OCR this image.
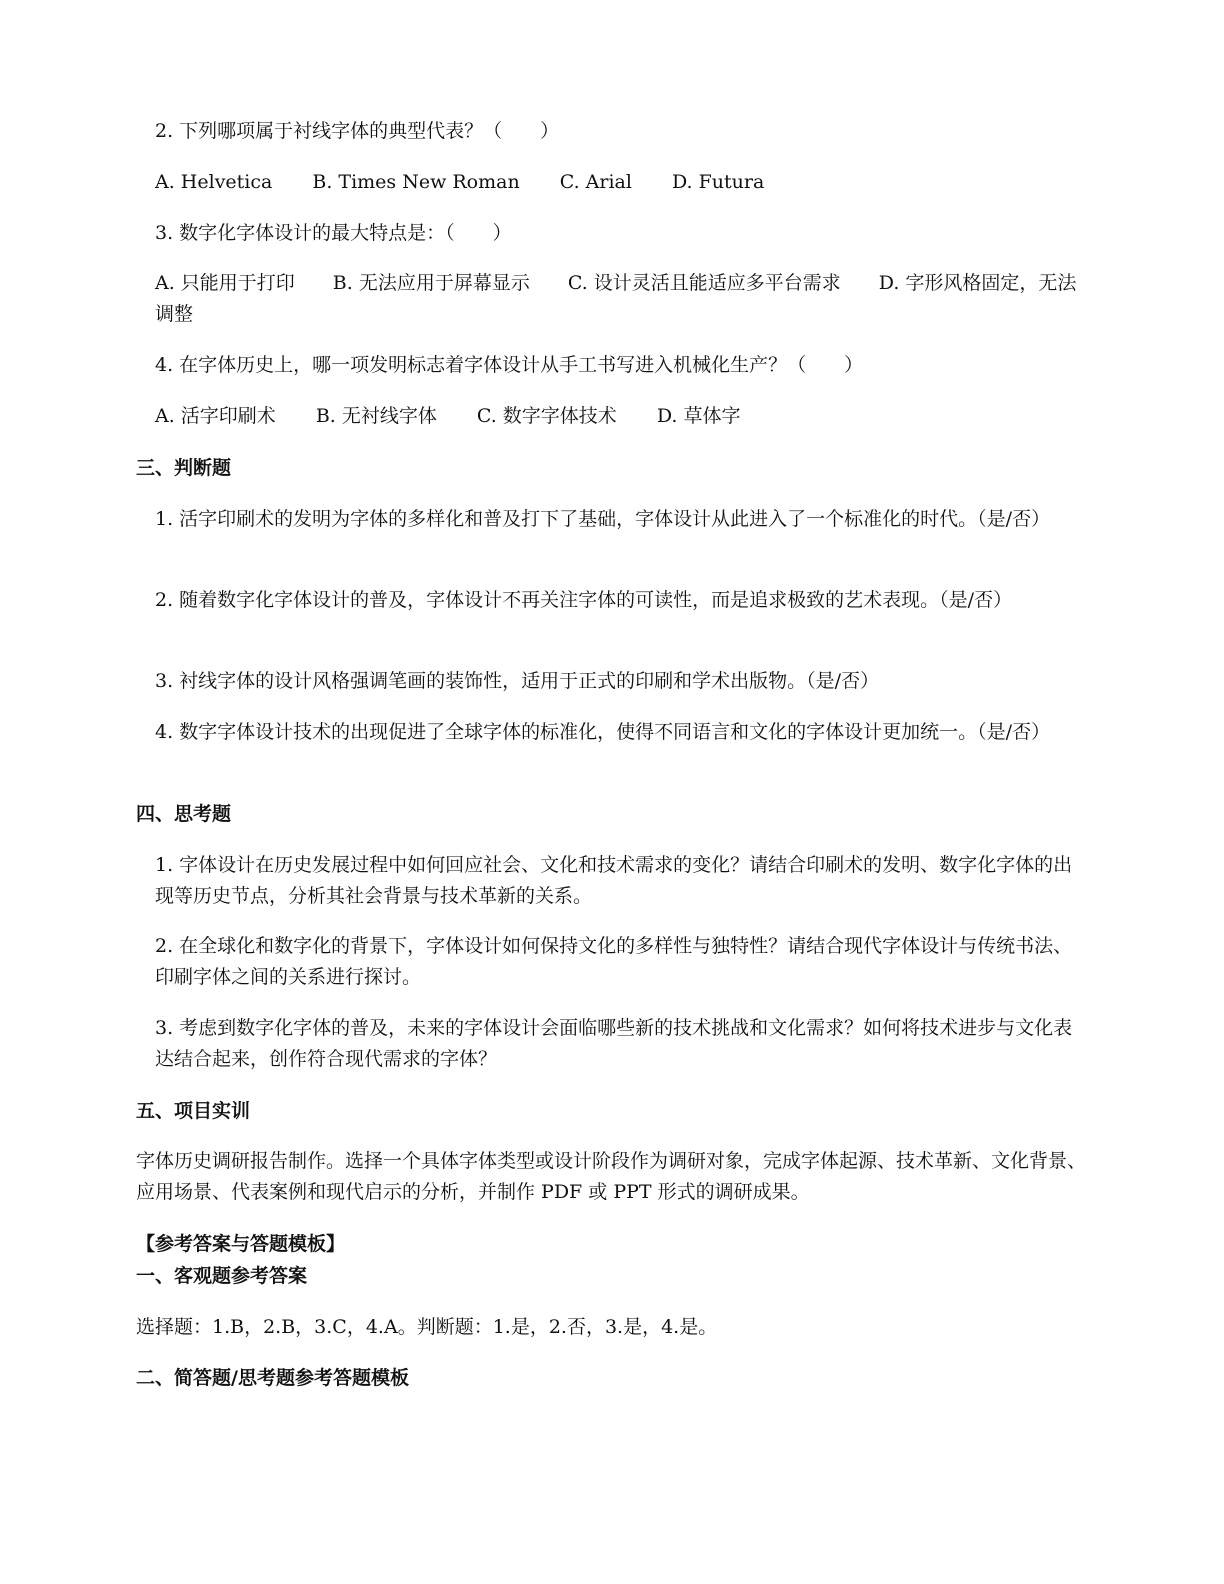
2. 下列哪项属于衬线字体的典型代表？（　　）

A. Helvetica B. Times New Roman C. Arial D. Futura

3. 数字化字体设计的最大特点是：（　　）

A. 只能用于打印　　B. 无法应用于屏幕显示　　C. 设计灵活且能适应多平台需求　　D. 字形风格固定，无法调整

4. 在字体历史上，哪一项发明标志着字体设计从手工书写进入机械化生产？（　　）

A. 活字印刷术 B. 无衬线字体 C. 数字字体技术 D. 草体字

三、判断题

1. 活字印刷术的发明为字体的多样化和普及打下了基础，字体设计从此进入了一个标准化的时代。（是/否）

2. 随着数字化字体设计的普及，字体设计不再关注字体的可读性，而是追求极致的艺术表现。（是/否）

3. 衬线字体的设计风格强调笔画的装饰性，适用于正式的印刷和学术出版物。（是/否）

4. 数字字体设计技术的出现促进了全球字体的标准化，使得不同语言和文化的字体设计更加统一。（是/否）

四、思考题

1. 字体设计在历史发展过程中如何回应社会、文化和技术需求的变化？请结合印刷术的发明、数字化字体的出现等历史节点，分析其社会背景与技术革新的关系。

2. 在全球化和数字化的背景下，字体设计如何保持文化的多样性与独特性？请结合现代字体设计与传统书法、印刷字体之间的关系进行探讨。

3. 考虑到数字化字体的普及，未来的字体设计会面临哪些新的技术挑战和文化需求？如何将技术进步与文化表达结合起来，创作符合现代需求的字体？

五、项目实训

字体历史调研报告制作。选择一个具体字体类型或设计阶段作为调研对象，完成字体起源、技术革新、文化背景、应用场景、代表案例和现代启示的分析，并制作 PDF 或 PPT 形式的调研成果。

【参考答案与答题模板】

一、客观题参考答案

选择题：1.B，2.B，3.C，4.A。判断题：1.是，2.否，3.是，4.是。

二、简答题/思考题参考答题模板
